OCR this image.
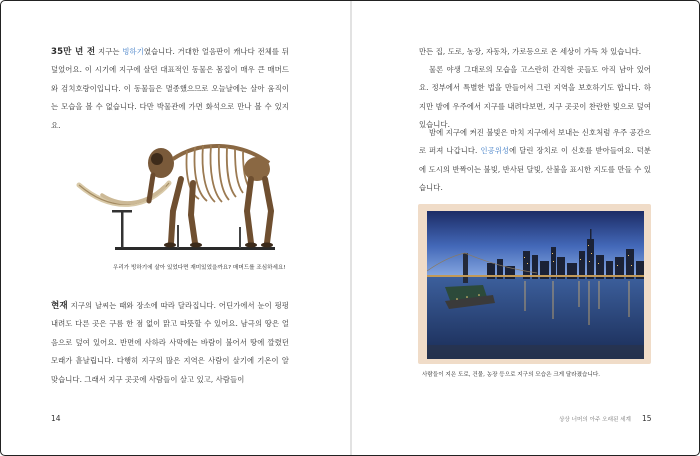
35만 년 전 지구는 빙하기였습니다. 거대한 얼음판이 캐나다 전체를 뒤덮었어요. 이 시기에 지구에 살던 대표적인 동물은 몸집이 매우 큰 매머드와 검치호랑이입니다. 이 동물들은 멸종했으므로 오늘날에는 살아 움직이는 모습을 볼 수 없습니다. 다만 박물관에 가면 화석으로 만나 볼 수 있지요.

우리가 빙하기에 살아 있었다면 재미있었을까요? 매머드를 조심하세요!

현재 지구의 날씨는 때와 장소에 따라 달라집니다. 어딘가에서 눈이 펑펑 내려도 다른 곳은 구름 한 점 없이 맑고 따뜻할 수 있어요. 남극의 땅은 얼음으로 덮여 있어요. 반면에 사하라 사막에는 바람이 불어서 땅에 깔렸던 모래가 흩날립니다. 다행히 지구의 많은 지역은 사람이 살기에 기온이 알맞습니다. 그래서 지구 곳곳에 사람들이 살고 있고, 사람들이

14

만든 집, 도로, 농장, 자동차, 가로등으로 온 세상이 가득 차 있습니다.

물론 야생 그대로의 모습을 고스란히 간직한 곳들도 아직 남아 있어요. 정부에서 특별한 법을 만들어서 그런 지역을 보호하기도 합니다. 하지만 밤에 우주에서 지구를 내려다보면, 지구 곳곳이 찬란한 빛으로 덮여 있습니다.

밤에 지구에 켜진 불빛은 마치 지구에서 보내는 신호처럼 우주 공간으로 퍼져 나갑니다. 인공위성에 달린 장치로 이 신호를 받아들여요. 덕분에 도시의 반짝이는 불빛, 반사된 달빛, 산불을 표시한 지도를 만들 수 있습니다.

사람들이 지은 도로, 건물, 농장 등으로 지구의 모습은 크게 달라졌습니다.

상상 너머의 아주 오래된 세계 15
